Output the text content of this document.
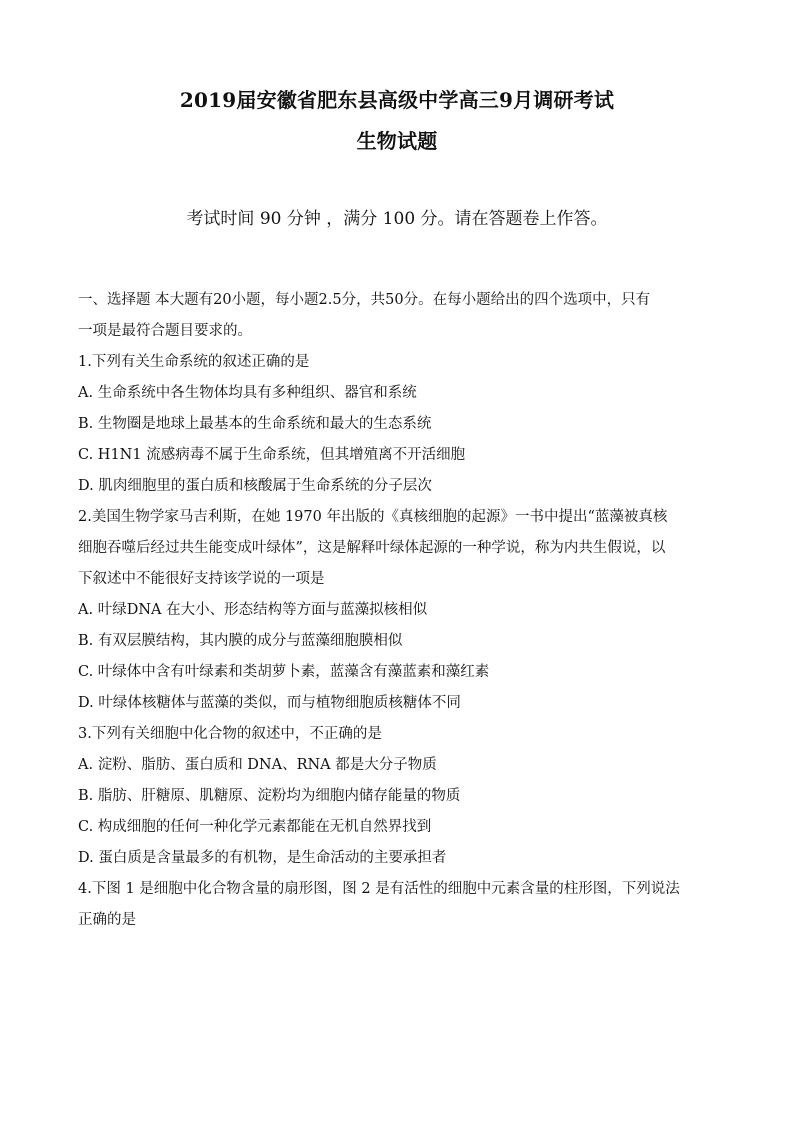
2019届安徽省肥东县高级中学高三9月调研考试
生物试题
考试时间 90 分钟 ，满分 100 分。请在答题卷上作答。
一、选择题 本大题有20小题，每小题2.5分，共50分。在每小题给出的四个选项中，只有
一项是最符合题目要求的。
1.下列有关生命系统的叙述正确的是
A. 生命系统中各生物体均具有多种组织、器官和系统
B. 生物圈是地球上最基本的生命系统和最大的生态系统
C. H1N1 流感病毒不属于生命系统，但其增殖离不开活细胞
D. 肌肉细胞里的蛋白质和核酸属于生命系统的分子层次
2.美国生物学家马吉利斯，在她 1970 年出版的《真核细胞的起源》一书中提出“蓝藻被真核
细胞吞噬后经过共生能变成叶绿体”，这是解释叶绿体起源的一种学说，称为内共生假说，以
下叙述中不能很好支持该学说的一项是
A. 叶绿DNA 在大小、形态结构等方面与蓝藻拟核相似
B. 有双层膜结构，其内膜的成分与蓝藻细胞膜相似
C. 叶绿体中含有叶绿素和类胡萝卜素，蓝藻含有藻蓝素和藻红素
D. 叶绿体核糖体与蓝藻的类似，而与植物细胞质核糖体不同
3.下列有关细胞中化合物的叙述中，不正确的是
A. 淀粉、脂肪、蛋白质和 DNA、RNA 都是大分子物质
B. 脂肪、肝糖原、肌糖原、淀粉均为细胞内储存能量的物质
C. 构成细胞的任何一种化学元素都能在无机自然界找到
D. 蛋白质是含量最多的有机物，是生命活动的主要承担者
4.下图 1 是细胞中化合物含量的扇形图，图 2 是有活性的细胞中元素含量的柱形图，下列说法
正确的是
